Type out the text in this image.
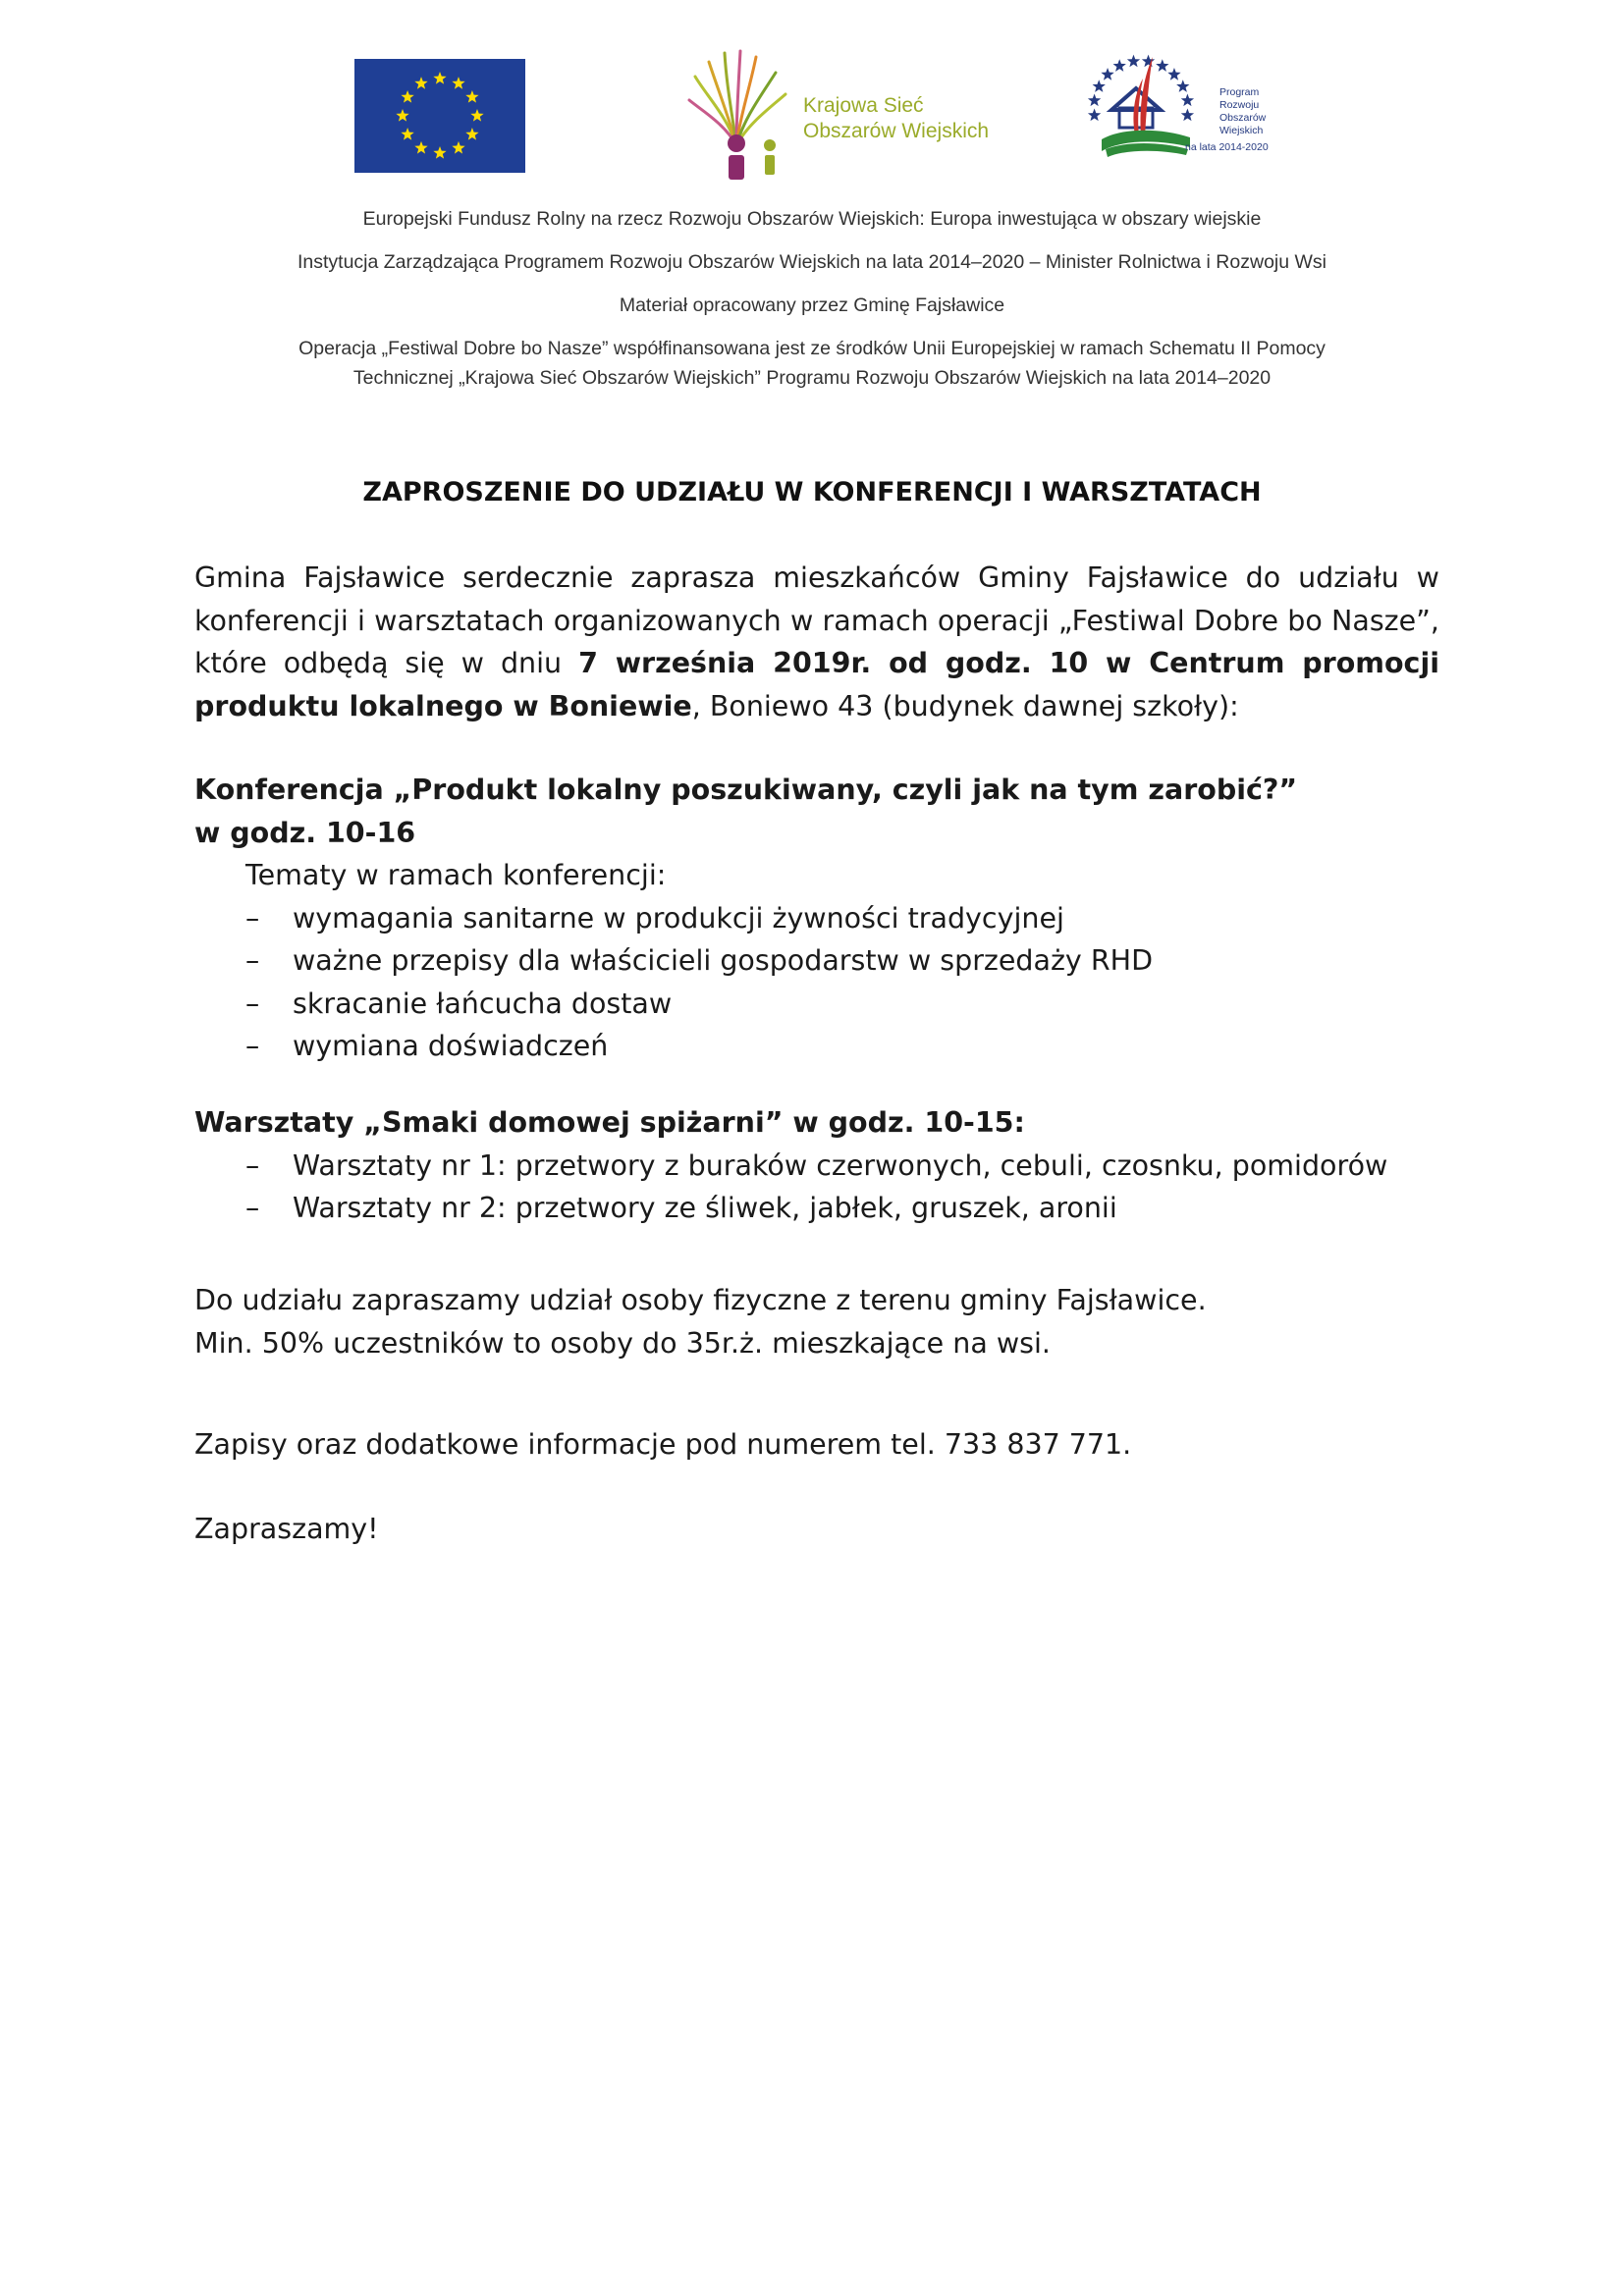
Krajowa Sieć
Obszarów Wiejskich
Program
Rozwoju
Obszarów
Wiejskich
na lata 2014-2020

Europejski Fundusz Rolny na rzecz Rozwoju Obszarów Wiejskich: Europa inwestująca w obszary wiejskie

Instytucja Zarządzająca Programem Rozwoju Obszarów Wiejskich na lata 2014–2020 – Minister Rolnictwa i Rozwoju Wsi

Materiał opracowany przez Gminę Fajsławice

Operacja „Festiwal Dobre bo Nasze” współfinansowana jest ze środków Unii Europejskiej w ramach Schematu II Pomocy

Technicznej „Krajowa Sieć Obszarów Wiejskich” Programu Rozwoju Obszarów Wiejskich na lata 2014–2020

ZAPROSZENIE DO UDZIAŁU W KONFERENCJI I WARSZTATACH

Gmina Fajsławice serdecznie zaprasza mieszkańców Gminy Fajsławice do udziału w konferencji i warsztatach organizowanych w ramach operacji „Festiwal Dobre bo Nasze”, które odbędą się w dniu 7 września 2019r. od godz. 10 w Centrum promocji produktu lokalnego w Boniewie, Boniewo 43 (budynek dawnej szkoły):

Konferencja „Produkt lokalny poszukiwany, czyli jak na tym zarobić?”

w godz. 10-16

Tematy w ramach konferencji:

– wymagania sanitarne w produkcji żywności tradycyjnej
– ważne przepisy dla właścicieli gospodarstw w sprzedaży RHD
– skracanie łańcucha dostaw
– wymiana doświadczeń

Warsztaty „Smaki domowej spiżarni” w godz. 10-15:

– Warsztaty nr 1: przetwory z buraków czerwonych, cebuli, czosnku, pomidorów
– Warsztaty nr 2: przetwory ze śliwek, jabłek, gruszek, aronii

Do udziału zapraszamy udział osoby fizyczne z terenu gminy Fajsławice.

Min. 50% uczestników to osoby do 35r.ż. mieszkające na wsi.

Zapisy oraz dodatkowe informacje pod numerem tel. 733 837 771.

Zapraszamy!
